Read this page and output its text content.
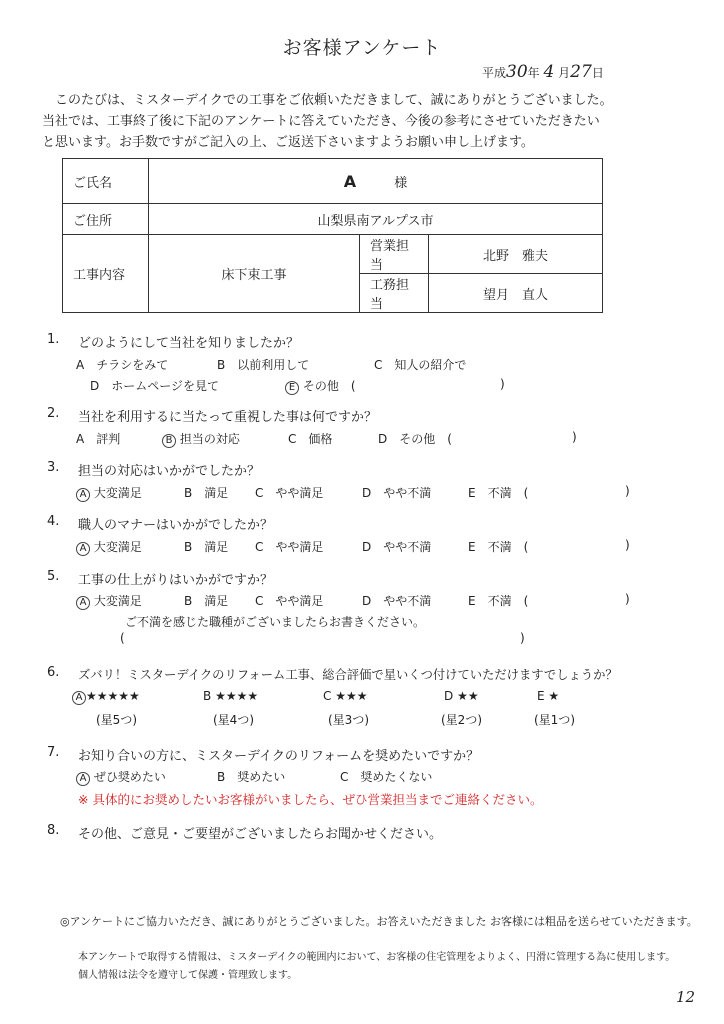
お客様アンケート
平成30年 4 月27日
このたびは、ミスターデイクでの工事をご依頼いただきまして、誠にありがとうございました。
当社では、工事終了後に下記のアンケートに答えていただき、今後の参考にさせていただきたい
と思います。お手数ですがご記入の上、ご返送下さいますようお願い申し上げます。
ご氏名	A 様		
ご住所	山梨県南アルプス市		
工事内容	床下束工事	営業担当	北野　雅夫
		工務担当	望月　直人
1. どのようにして当社を知りましたか？
A　チラシをみて	B　以前利用して	C　知人の紹介で
D　ホームページを見て	E その他　(	)
2. 当社を利用するに当たって重視した事は何ですか？
A　評判	B 担当の対応	C　価格	D　その他　(	)
3. 担当の対応はいかがでしたか？
A 大変満足	B　満足 C　やや満足	D　やや不満	E　不満　(	)
4. 職人のマナーはいかがでしたか？
A 大変満足	B　満足 C　やや満足	D　やや不満	E　不満　(	)
5. 工事の仕上がりはいかがですか？
A 大変満足	B　満足 C　やや満足	D　やや不満	E　不満　(	)
ご不満を感じた職種がございましたらお書きください。
(	)
6. ズバリ！ミスターデイクのリフォーム工事、総合評価で星いくつ付けていただけますでしょうか？
A ★★★★★
(星5つ)
B ★★★★
(星4つ)
C ★★★
(星3つ)
D ★★
(星2つ)
E ★
(星1つ)
7. お知り合いの方に、ミスターデイクのリフォームを奨めたいですか？
A ぜひ奨めたい	B　奨めたい	C　奨めたくない
※ 具体的にお奨めしたいお客様がいましたら、ぜひ営業担当までご連絡ください。
8. その他、ご意見・ご要望がございましたらお聞かせください。
◎アンケートにご協力いただき、誠にありがとうございました。お答えいただきました お客様には粗品を送らせていただきます。
本アンケートで取得する情報は、ミスターデイクの範囲内において、お客様の住宅管理をよりよく、円滑に管理する為に使用します。
個人情報は法令を遵守して保護・管理致します。
12
